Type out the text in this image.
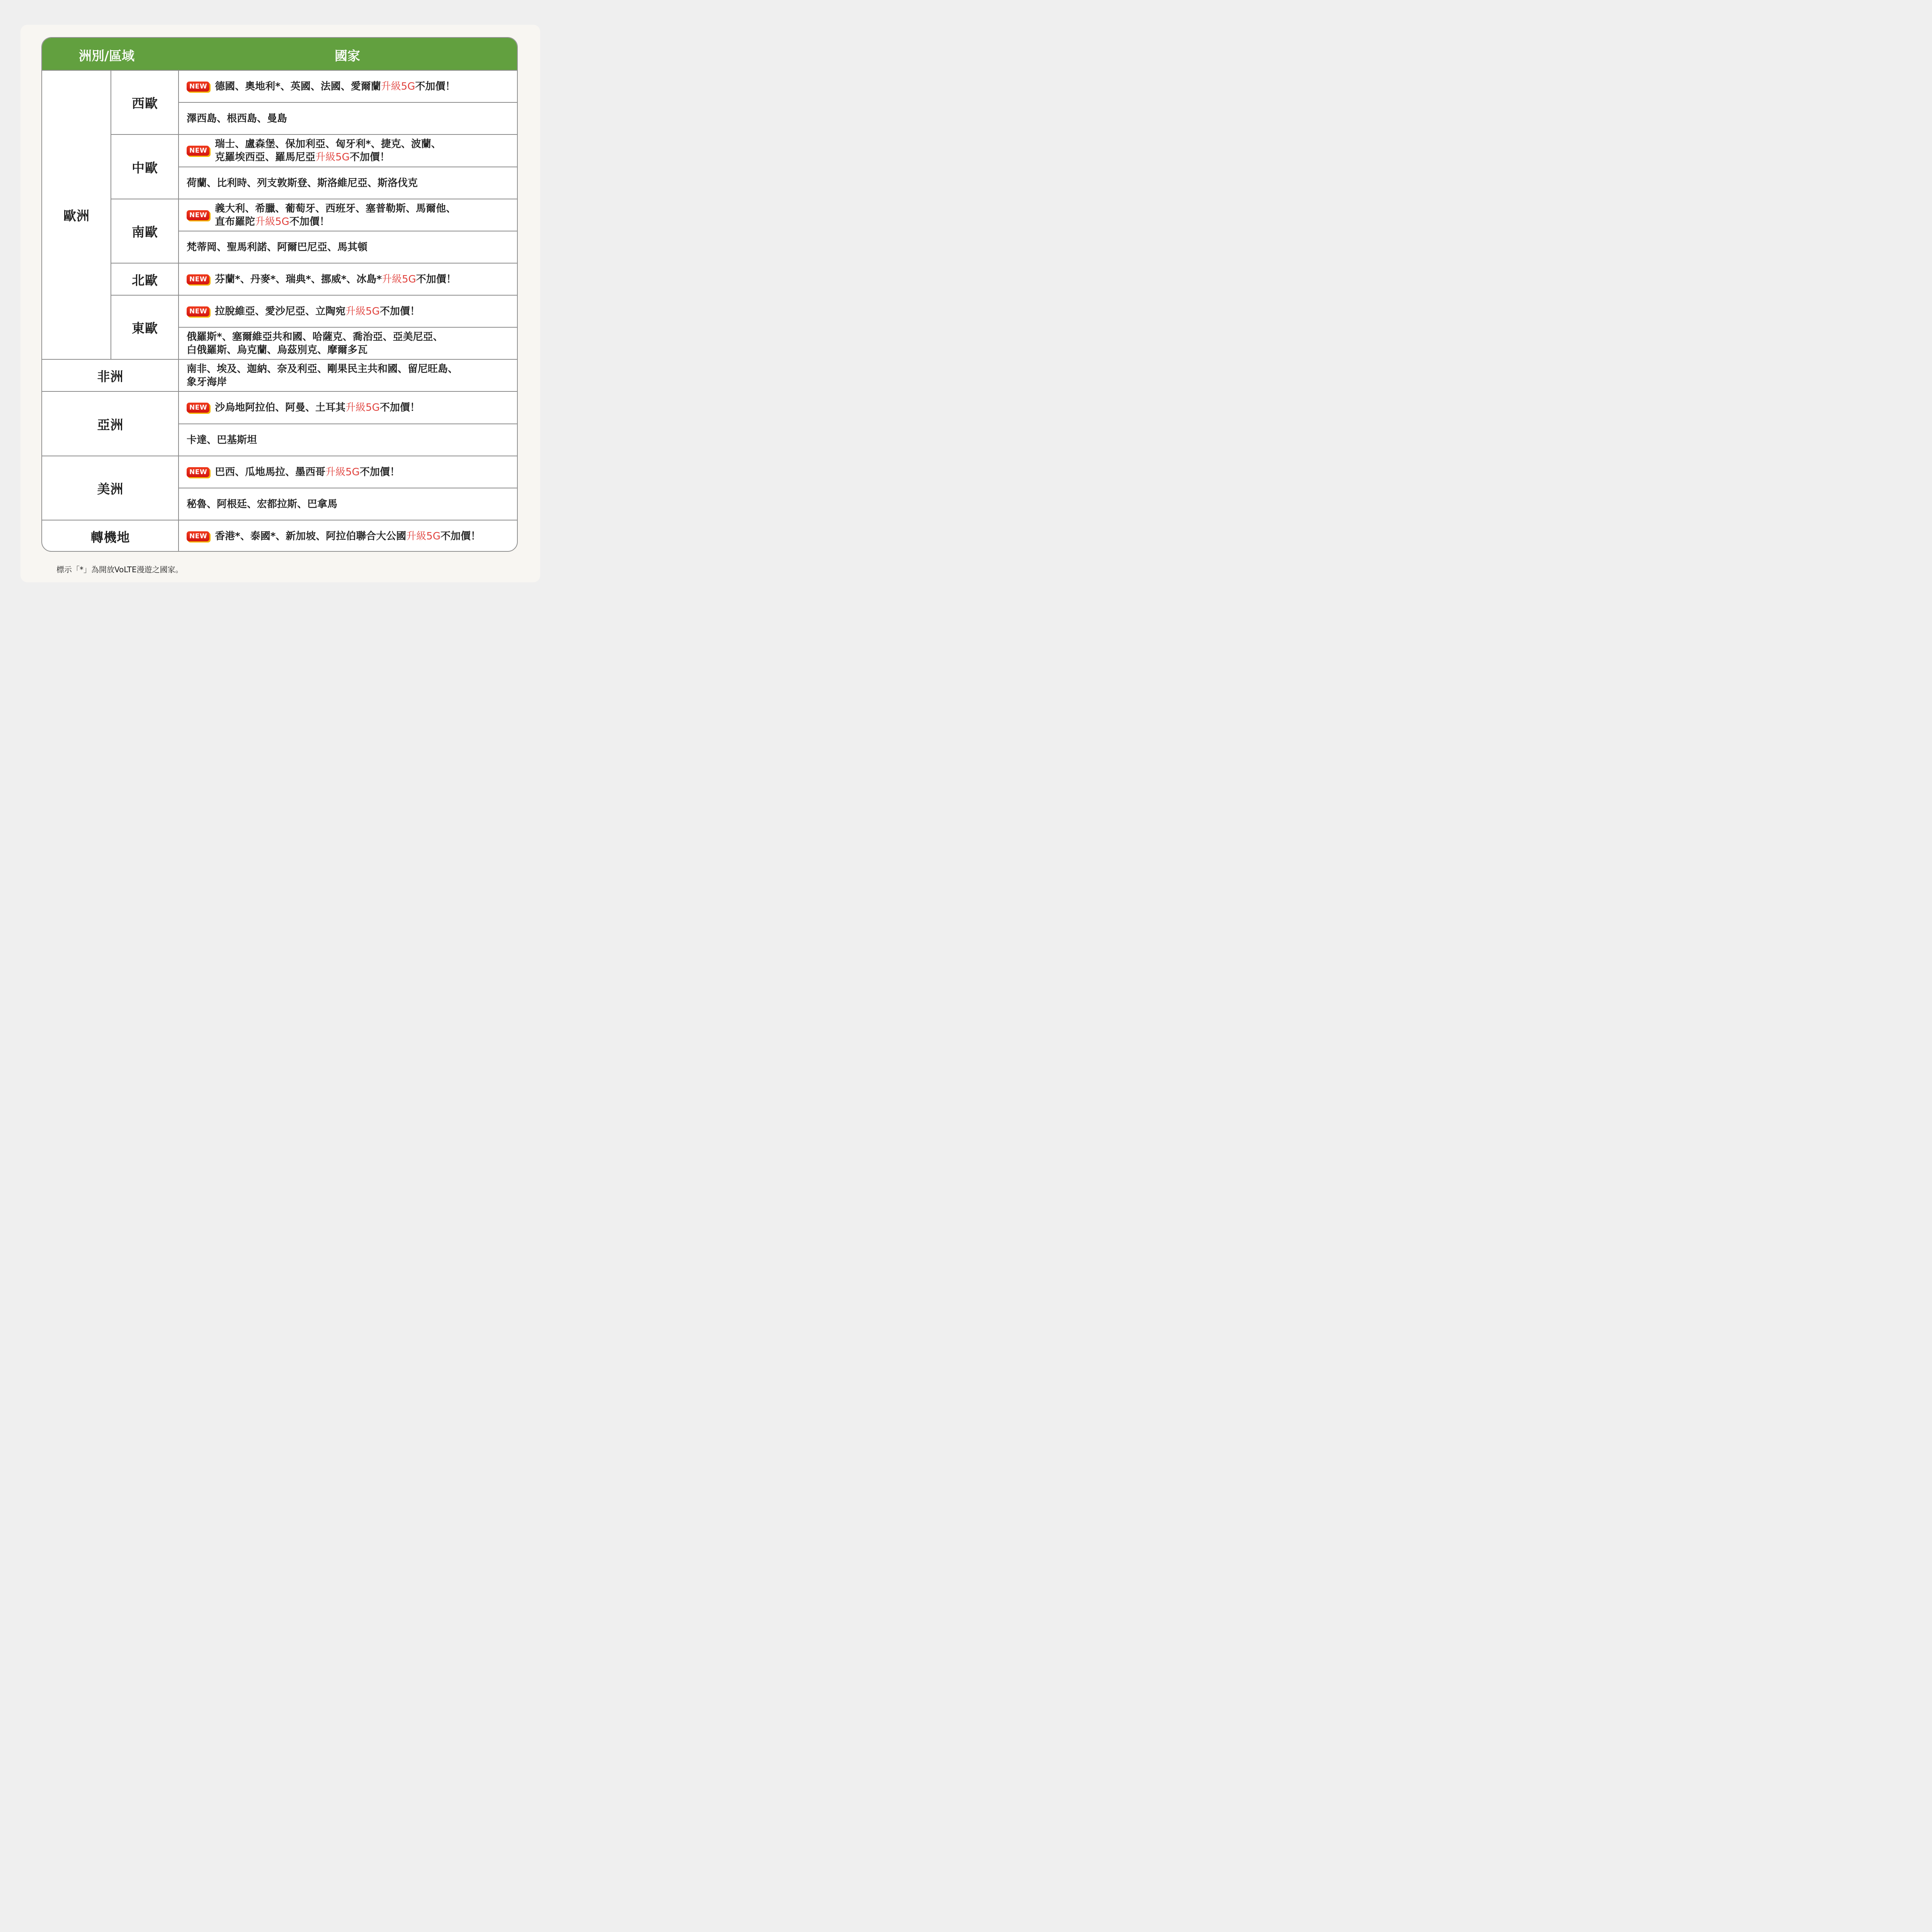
洲別/區域	國家
歐洲
西歐
中歐
南歐
北歐
東歐
非洲
亞洲
美洲
轉機地
NEW 德國、奧地利*、英國、法國、愛爾蘭升級5G不加價！
澤西島、根西島、曼島
NEW
瑞士、盧森堡、保加利亞、匈牙利*、捷克、波蘭、
克羅埃西亞、羅馬尼亞升級5G不加價！
荷蘭、比利時、列支敦斯登、斯洛維尼亞、斯洛伐克
NEW
義大利、希臘、葡萄牙、西班牙、塞普勒斯、馬爾他、
直布羅陀升級5G不加價！
梵蒂岡、聖馬利諾、阿爾巴尼亞、馬其頓
NEW 芬蘭*、丹麥*、瑞典*、挪威*、冰島*升級5G不加價！
NEW 拉脫維亞、愛沙尼亞、立陶宛升級5G不加價！
俄羅斯*、塞爾維亞共和國、哈薩克、喬治亞、亞美尼亞、
白俄羅斯、烏克蘭、烏茲別克、摩爾多瓦
南非、埃及、迦納、奈及利亞、剛果民主共和國、留尼旺島、
象牙海岸
NEW 沙烏地阿拉伯、阿曼、土耳其升級5G不加價！
卡達、巴基斯坦
NEW 巴西、瓜地馬拉、墨西哥升級5G不加價！
秘魯、阿根廷、宏都拉斯、巴拿馬
NEW 香港*、泰國*、新加坡、阿拉伯聯合大公國升級5G不加價！
標示「*」為開放VoLTE漫遊之國家。
